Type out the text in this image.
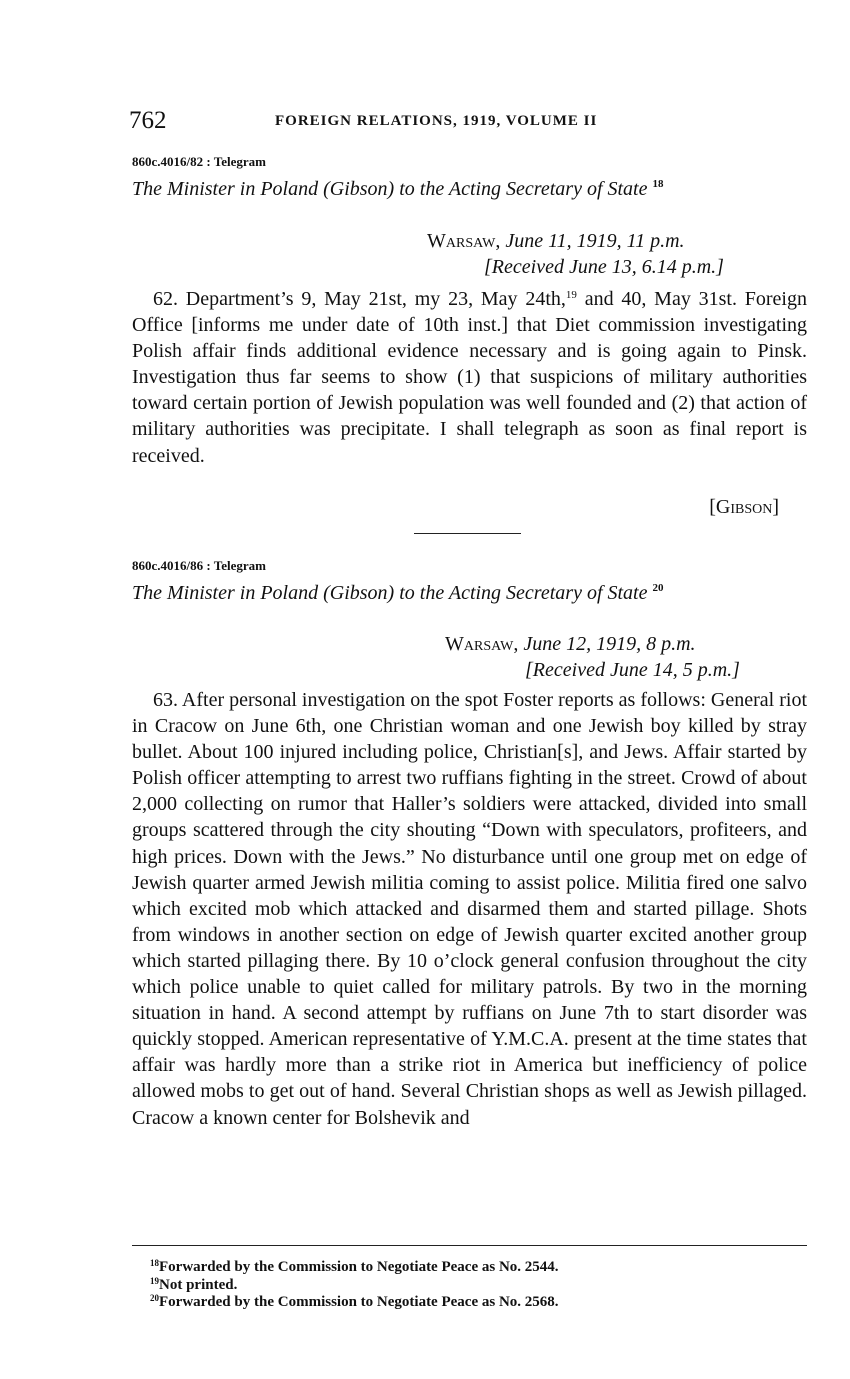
762	FOREIGN RELATIONS, 1919, VOLUME II
860c.4016/82 : Telegram
The Minister in Poland (Gibson) to the Acting Secretary of State $^{18}$
Warsaw, June 11, 1919, 11 p.m.
[Received June 13, 6.14 p.m.]
62. Department’s 9, May 21st, my 23, May 24th,$^{19}$ and 40, May 31st. Foreign Office [informs me under date of 10th inst.] that Diet commission investigating Polish affair finds additional evidence necessary and is going again to Pinsk. Investigation thus far seems to show (1) that suspicions of military authorities toward certain portion of Jewish population was well founded and (2) that action of military authorities was precipitate. I shall telegraph as soon as final report is received.
[Gibson]
860c.4016/86 : Telegram
The Minister in Poland (Gibson) to the Acting Secretary of State $^{20}$
Warsaw, June 12, 1919, 8 p.m.
[Received June 14, 5 p.m.]
63. After personal investigation on the spot Foster reports as follows: General riot in Cracow on June 6th, one Christian woman and one Jewish boy killed by stray bullet. About 100 injured including police, Christian[s], and Jews. Affair started by Polish officer attempting to arrest two ruffians fighting in the street. Crowd of about 2,000 collecting on rumor that Haller’s soldiers were attacked, divided into small groups scattered through the city shouting “Down with speculators, profiteers, and high prices. Down with the Jews.” No disturbance until one group met on edge of Jewish quarter armed Jewish militia coming to assist police. Militia fired one salvo which excited mob which attacked and disarmed them and started pillage. Shots from windows in another section on edge of Jewish quarter excited another group which started pillaging there. By 10 o’clock general confusion throughout the city which police unable to quiet called for military patrols. By two in the morning situation in hand. A second attempt by ruffians on June 7th to start disorder was quickly stopped. American representative of Y.M.C.A. present at the time states that affair was hardly more than a strike riot in America but inefficiency of police allowed mobs to get out of hand. Several Christian shops as well as Jewish pillaged. Cracow a known center for Bolshevik and
$^{18}$Forwarded by the Commission to Negotiate Peace as No. 2544.
$^{19}$Not printed.
$^{20}$Forwarded by the Commission to Negotiate Peace as No. 2568.
